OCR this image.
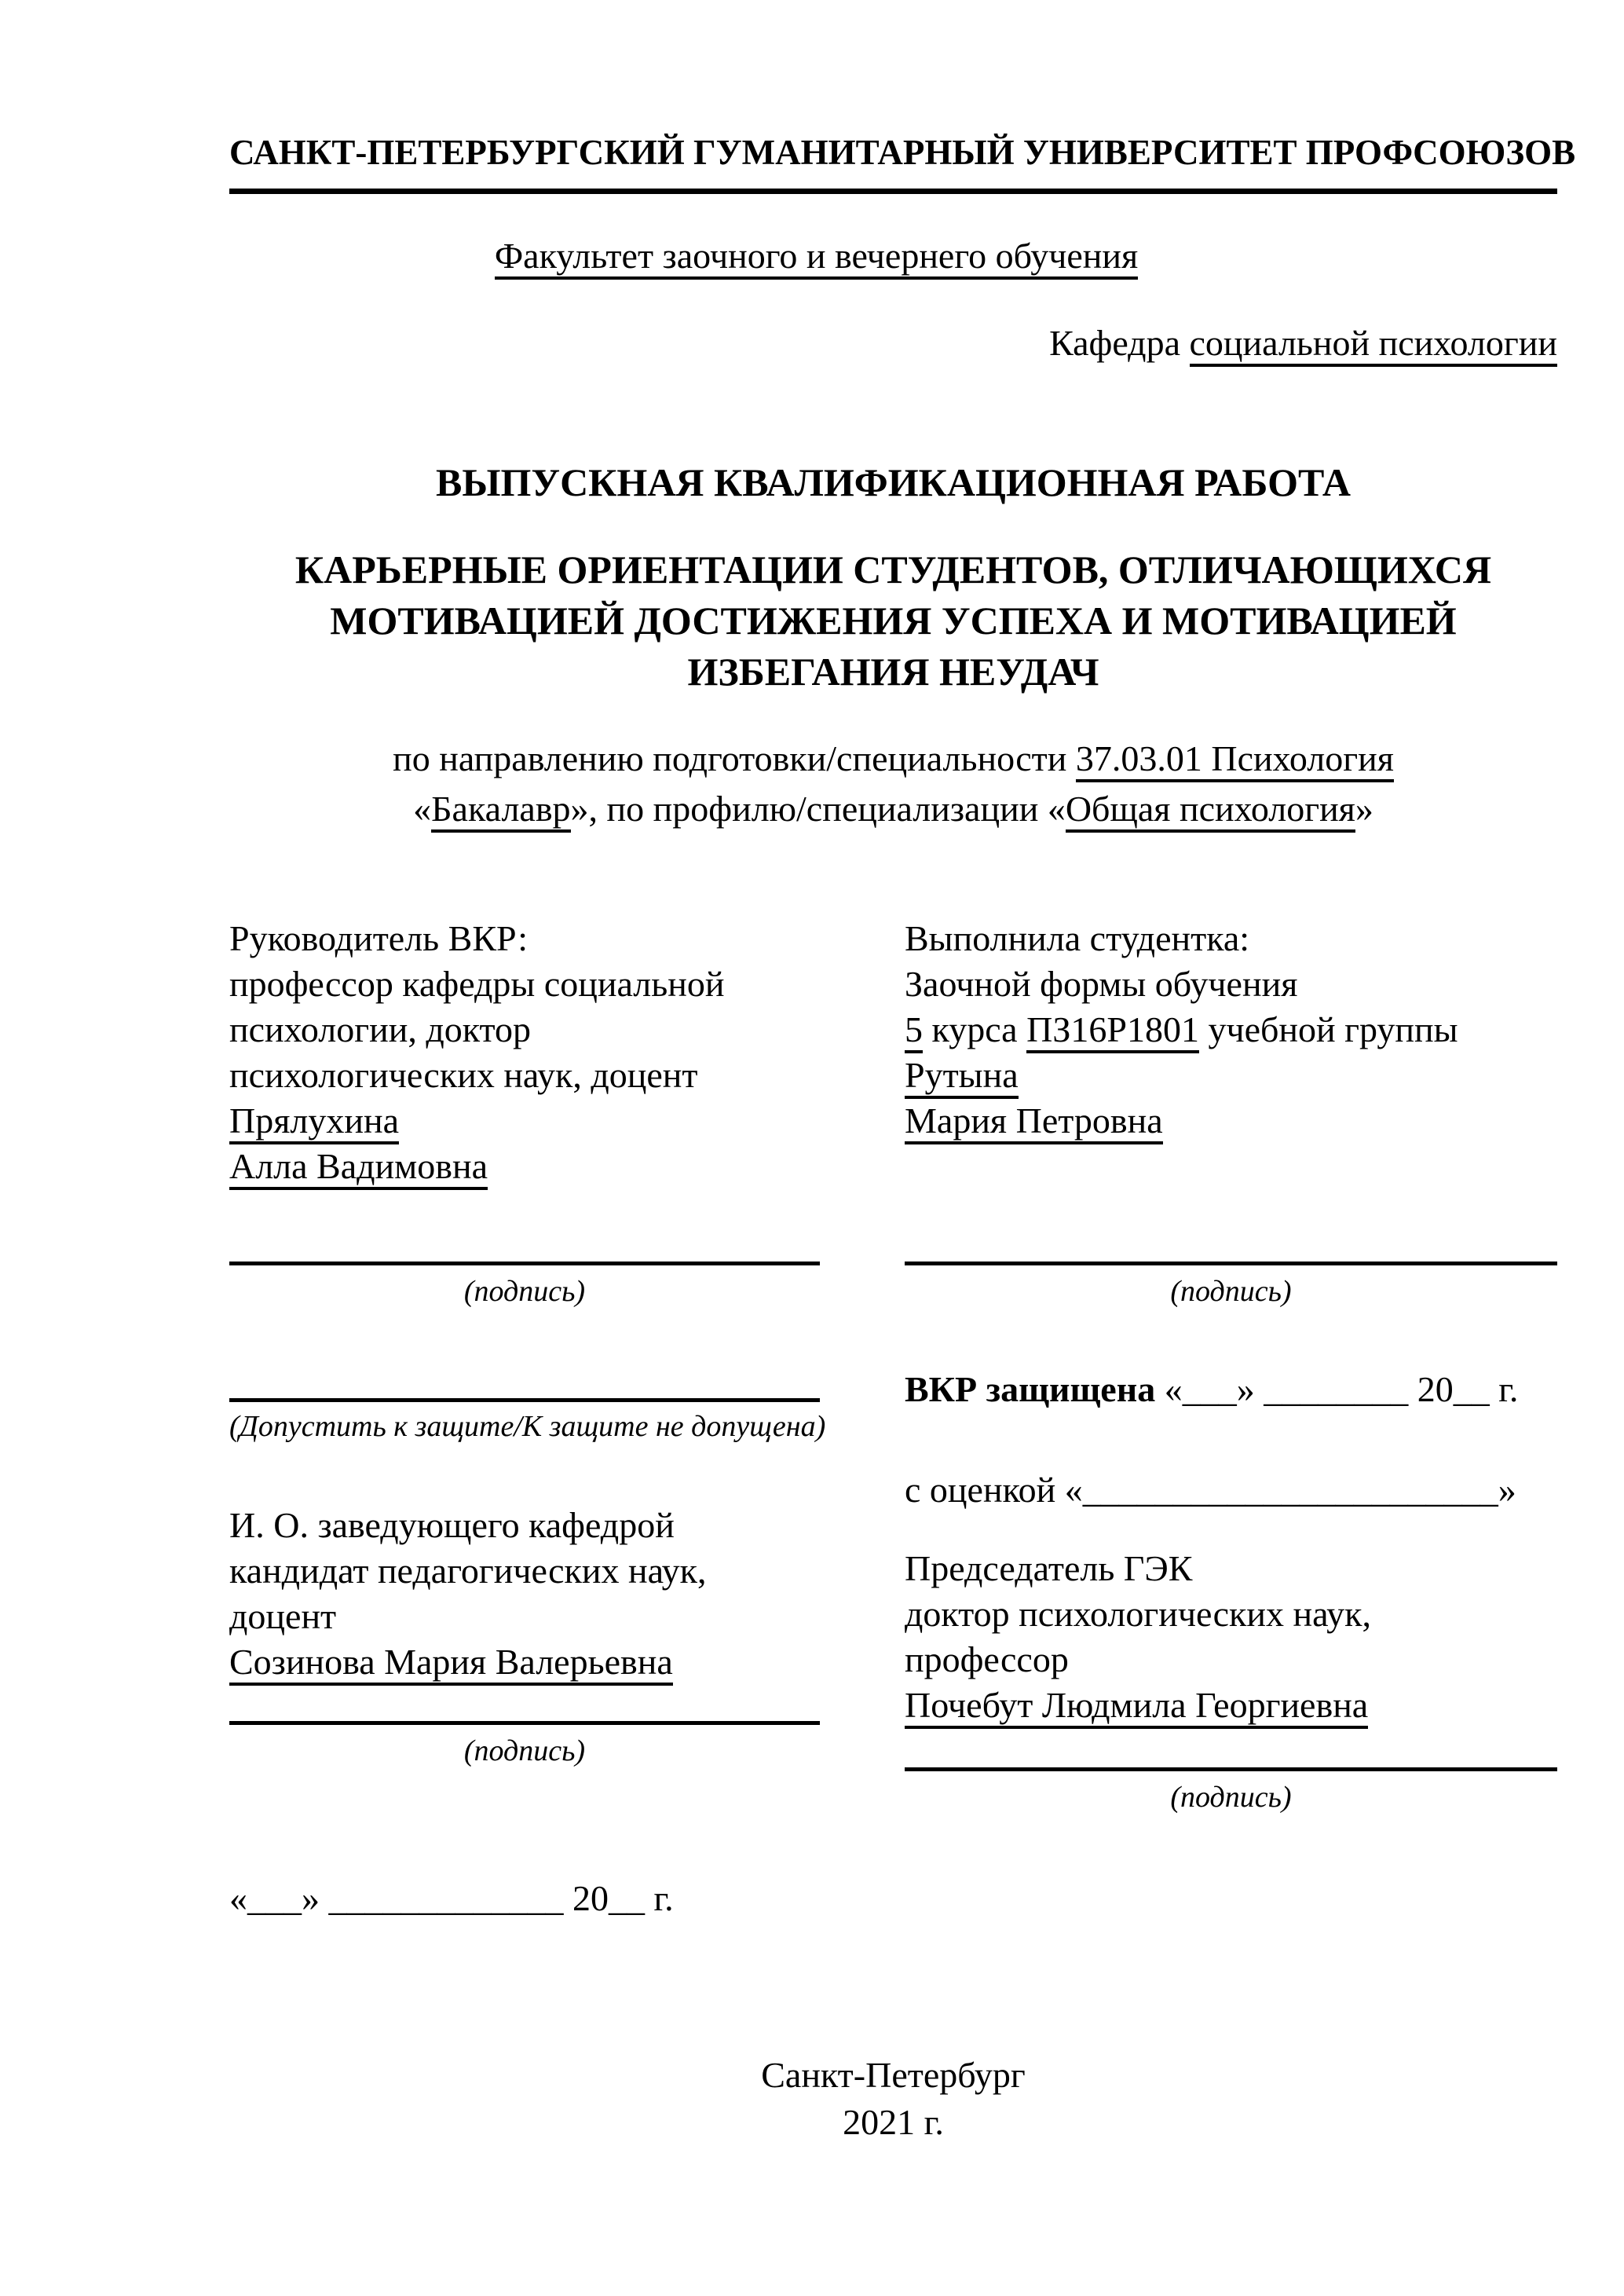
САНКТ-ПЕТЕРБУРГСКИЙ ГУМАНИТАРНЫЙ УНИВЕРСИТЕТ ПРОФСОЮЗОВ
Факультет заочного и вечернего обучения
Кафедра социальной психологии
ВЫПУСКНАЯ КВАЛИФИКАЦИОННАЯ РАБОТА
КАРЬЕРНЫЕ ОРИЕНТАЦИИ СТУДЕНТОВ, ОТЛИЧАЮЩИХСЯ
МОТИВАЦИЕЙ ДОСТИЖЕНИЯ УСПЕХА И МОТИВАЦИЕЙ
ИЗБЕГАНИЯ НЕУДАЧ
по направлению подготовки/специальности 37.03.01 Психология
«Бакалавр», по профилю/специализации «Общая психология»
Руководитель ВКР:
профессор кафедры социальной
психологии, доктор
психологических наук, доцент
Прялухина
Алла Вадимовна
(подпись)
(Допустить к защите/К защите не допущена)
И. О. заведующего кафедрой
кандидат педагогических наук,
доцент
Созинова Мария Валерьевна
(подпись)
«___» _____________ 20__ г.
Выполнила студентка:
Заочной формы обучения
5 курса ПЗ16Р1801 учебной группы
Рутына
Мария Петровна

(подпись)
ВКР защищена «___» ________ 20__ г.
с оценкой «_______________________»
Председатель ГЭК
доктор психологических наук,
профессор
Почебут Людмила Георгиевна
(подпись)
Санкт-Петербург
2021 г.
